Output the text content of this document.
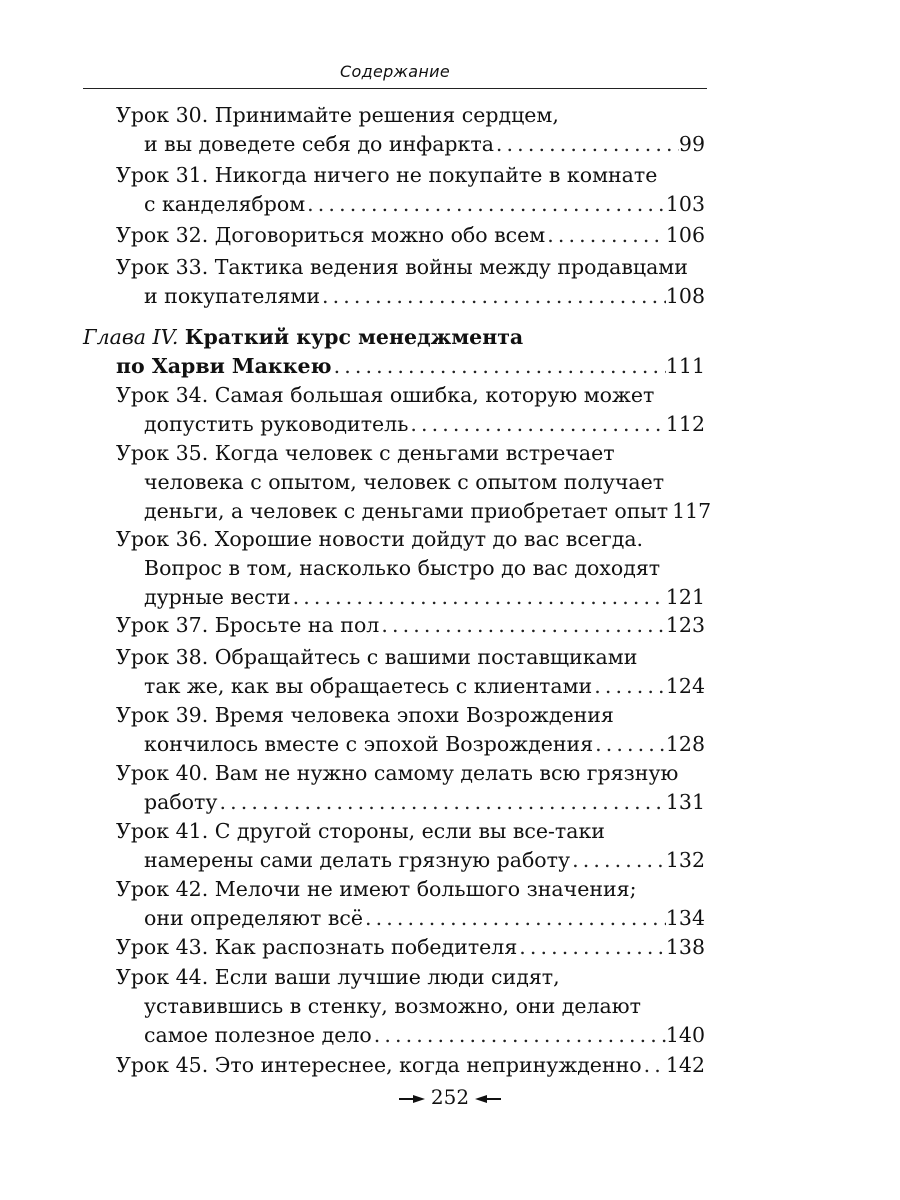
Содержание
Урок 30. Принимайте решения сердцем,
и вы доведете себя до инфаркта . . .	99
Урок 31. Никогда ничего не покупайте в комнате
с канделябром . . .	103
Урок 32. Договориться можно обо всем . . .	106
Урок 33. Тактика ведения войны между продавцами
и покупателями . . .	108
Глава IV. Краткий курс менеджмента
по Харви Маккею . . .	111
Урок 34. Самая большая ошибка, которую может
допустить руководитель . . .	112
Урок 35. Когда человек с деньгами встречает
человека с опытом, человек с опытом получает
деньги, а человек с деньгами приобретает опыт . . . 117
Урок 36. Хорошие новости дойдут до вас всегда.
Вопрос в том, насколько быстро до вас доходят
дурные вести . . .	121
Урок 37. Бросьте на пол . . .	123
Урок 38. Обращайтесь с вашими поставщиками
так же, как вы обращаетесь с клиентами . . .	124
Урок 39. Время человека эпохи Возрождения
кончилось вместе с эпохой Возрождения . . .	128
Урок 40. Вам не нужно самому делать всю грязную
работу . . .	131
Урок 41. С другой стороны, если вы все-таки
намерены сами делать грязную работу . . .	132
Урок 42. Мелочи не имеют большого значения;
они определяют всё . . .	134
Урок 43. Как распознать победителя . . .	138
Урок 44. Если ваши лучшие люди сидят,
уставившись в стенку, возможно, они делают
самое полезное дело . . .	140
Урок 45. Это интереснее, когда непринужденно . . . 142
252
